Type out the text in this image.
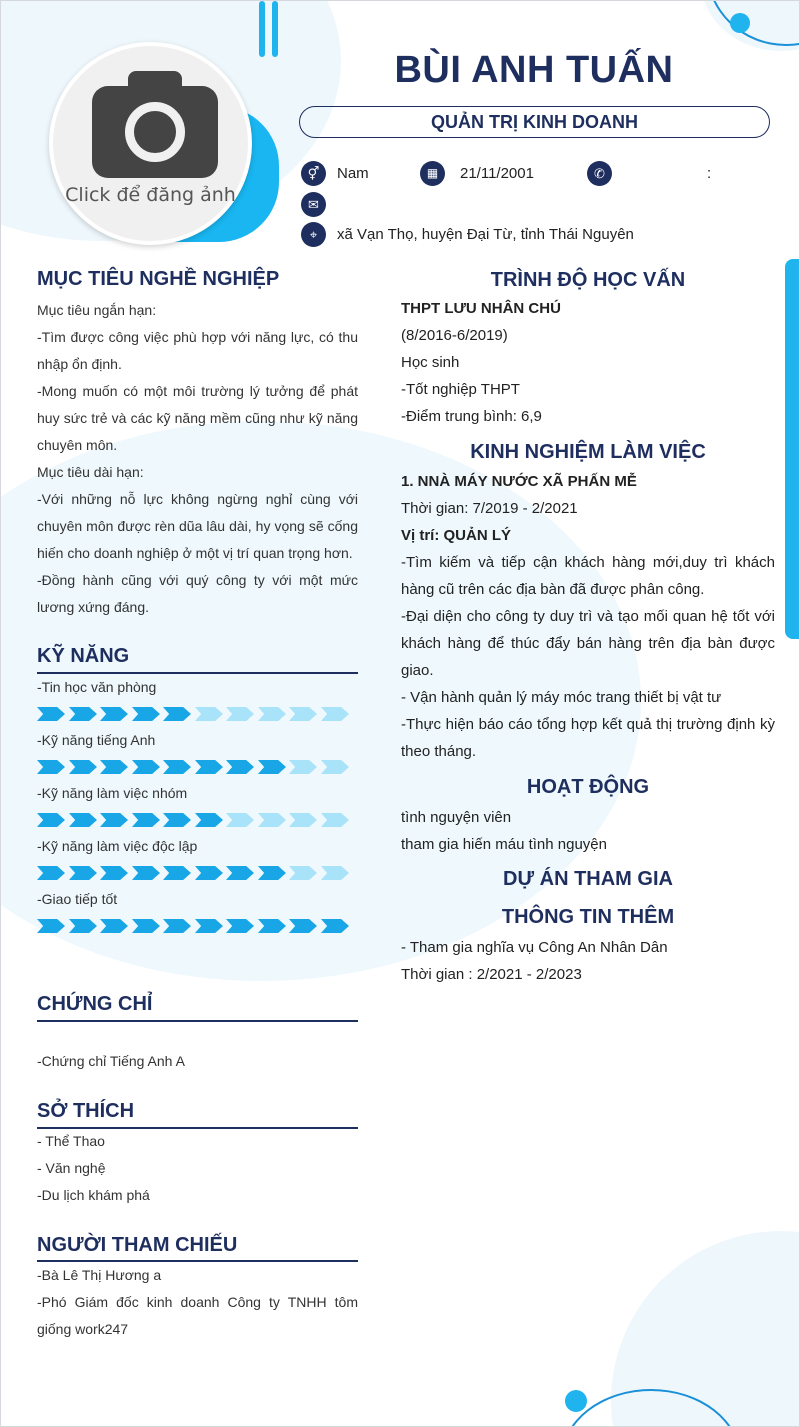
Click để đăng ảnh
BÙI ANH TUẤN
QUẢN TRỊ KINH DOANH
⚥	Nam	▦	21/11/2001	✆	:
✉
⌖	xã Vạn Thọ, huyện Đại Từ, tỉnh Thái Nguyên
MỤC TIÊU NGHỀ NGHIỆP

Mục tiêu ngắn hạn:

-Tìm được công việc phù hợp với năng lực, có thu nhập ổn định.

-Mong muốn có một môi trường lý tưởng để phát huy sức trẻ và các kỹ năng mềm cũng như kỹ năng chuyên môn.

Mục tiêu dài hạn:

-Với những nỗ lực không ngừng nghỉ cùng với chuyên môn được rèn dũa lâu dài, hy vọng sẽ cống hiến cho doanh nghiệp ở một vị trí quan trọng hơn.

-Đồng hành cũng với quý công ty với một mức lương xứng đáng.

KỸ NĂNG
-Tin học văn phòng
-Kỹ năng tiếng Anh
-Kỹ năng làm việc nhóm
-Kỹ năng làm việc độc lập
-Giao tiếp tốt
CHỨNG CHỈ

-Chứng chỉ Tiếng Anh A

SỞ THÍCH

- Thể Thao

- Văn nghệ

-Du lịch khám phá

NGƯỜI THAM CHIẾU

-Bà Lê Thị Hương a

-Phó Giám đốc kinh doanh Công ty TNHH tôm giống work247

TRÌNH ĐỘ HỌC VẤN

THPT LƯU NHÂN CHÚ

(8/2016-6/2019)

Học sinh

-Tốt nghiệp THPT

-Điểm trung bình: 6,9

KINH NGHIỆM LÀM VIỆC

1. NNÀ MÁY NƯỚC XÃ PHẤN MỄ

Thời gian: 7/2019 - 2/2021

Vị trí: QUẢN LÝ

-Tìm kiếm và tiếp cận khách hàng mới,duy trì khách hàng cũ trên các địa bàn đã được phân công.

-Đại diện cho công ty duy trì và tạo mối quan hệ tốt với khách hàng để thúc đẩy bán hàng trên địa bàn được giao.

- Vận hành quản lý máy móc trang thiết bị vật tư

-Thực hiện báo cáo tổng hợp kết quả thị trường định kỳ theo tháng.

HOẠT ĐỘNG

tình nguyện viên

tham gia hiến máu tình nguyện

DỰ ÁN THAM GIA
THÔNG TIN THÊM

- Tham gia nghĩa vụ Công An Nhân Dân

Thời gian : 2/2021 - 2/2023
